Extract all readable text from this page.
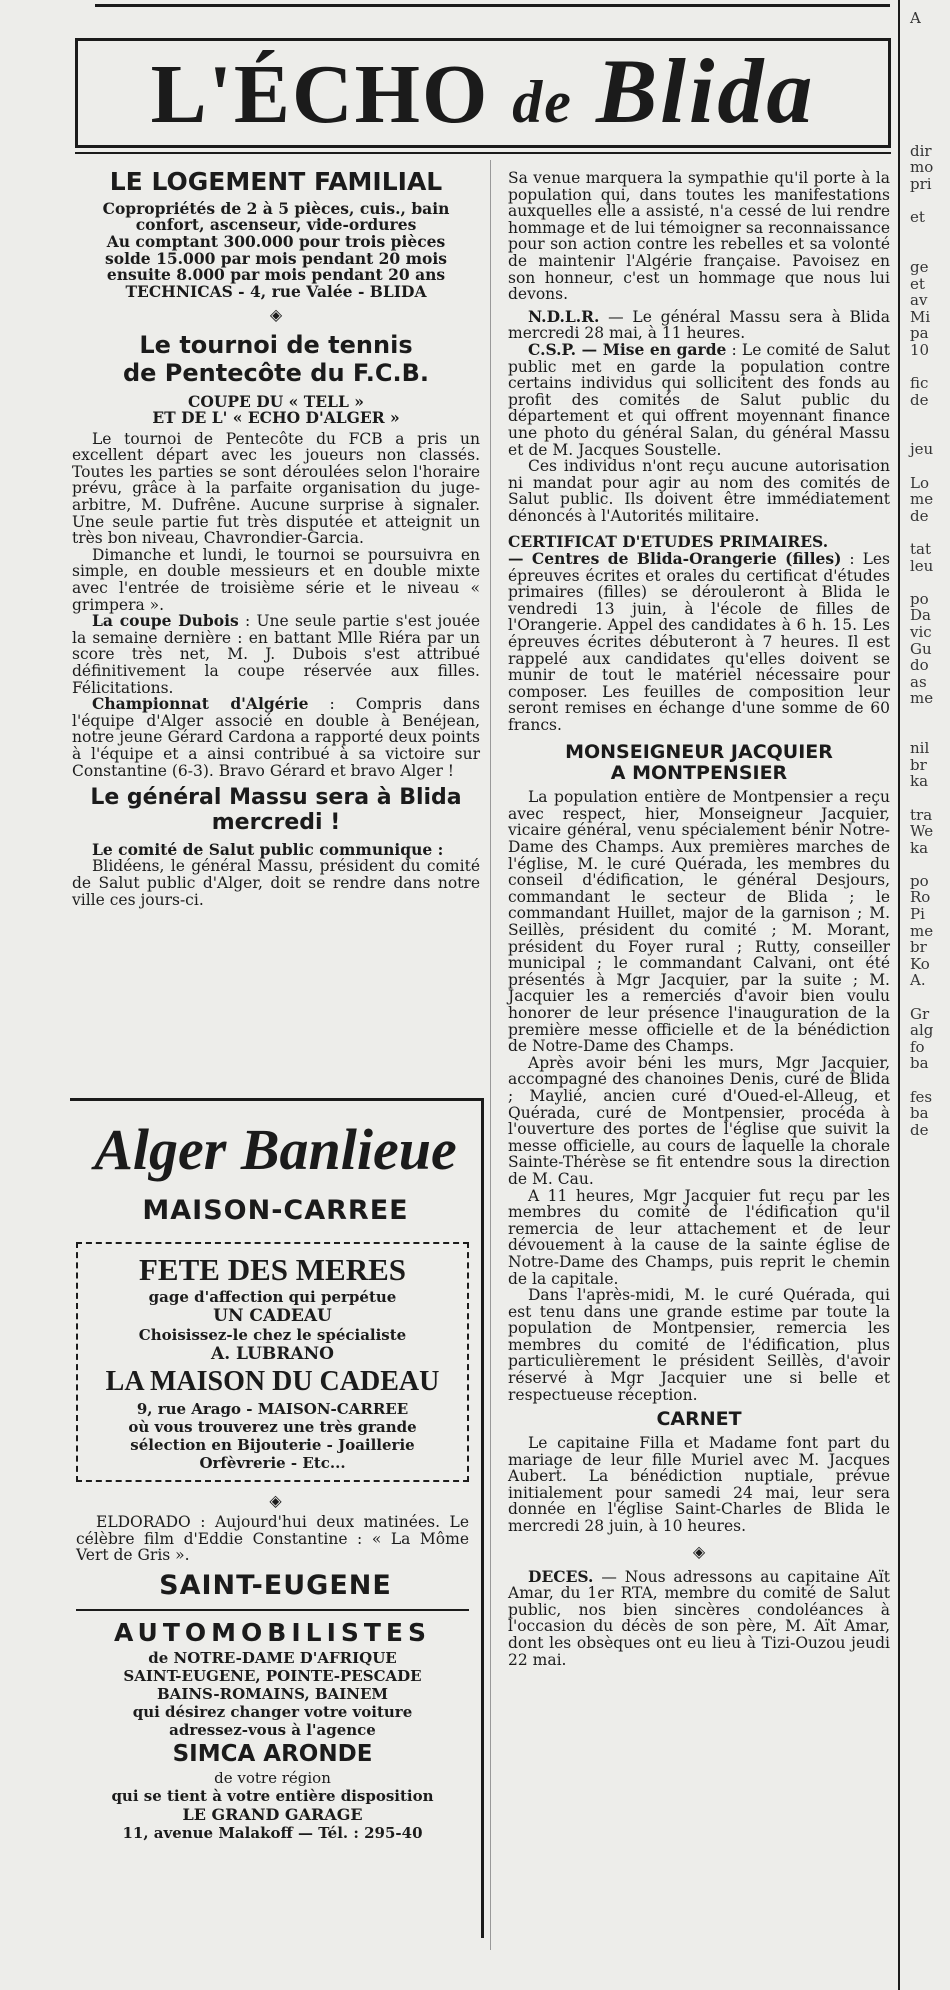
L'ÉCHO de Blida
LE LOGEMENT FAMILIAL
Copropriétés de 2 à 5 pièces, cuis., bain
confort, ascenseur, vide-ordures
Au comptant 300.000 pour trois pièces
solde 15.000 par mois pendant 20 mois
ensuite 8.000 par mois pendant 20 ans
TECHNICAS - 4, rue Valée - BLIDA
◈
Le tournoi de tennis
de Pentecôte du F.C.B.
COUPE DU « TELL »
ET DE L' « ECHO D'ALGER »

Le tournoi de Pentecôte du FCB a pris un excellent départ avec les joueurs non classés. Toutes les parties se sont déroulées selon l'horaire prévu, grâce à la parfaite organisation du juge-arbitre, M. Dufrêne. Aucune surprise à signaler. Une seule partie fut très disputée et atteignit un très bon niveau, Chavrondier-Garcia.

Dimanche et lundi, le tournoi se poursuivra en simple, en double messieurs et en double mixte avec l'entrée de troisième série et le niveau « grimpera ».

La coupe Dubois : Une seule partie s'est jouée la semaine dernière : en battant Mlle Riéra par un score très net, M. J. Dubois s'est attribué définitivement la coupe réservée aux filles. Félicitations.

Championnat d'Algérie : Compris dans l'équipe d'Alger associé en double à Benéjean, notre jeune Gérard Cardona a rapporté deux points à l'équipe et a ainsi contribué à sa victoire sur Constantine (6-3). Bravo Gérard et bravo Alger !

Le général Massu sera à Blida
mercredi !

Le comité de Salut public communique :

Blidéens, le général Massu, président du comité de Salut public d'Alger, doit se rendre dans notre ville ces jours-ci.

Alger Banlieue
MAISON-CARREE
FETE DES MERES
gage d'affection qui perpétue
UN CADEAU
Choisissez-le chez le spécialiste
A. LUBRANO
LA MAISON DU CADEAU
9, rue Arago - MAISON-CARREE
où vous trouverez une très grande
sélection en Bijouterie - Joaillerie
Orfèvrerie - Etc...
◈

ELDORADO : Aujourd'hui deux matinées. Le célèbre film d'Eddie Constantine : « La Môme Vert de Gris ».

SAINT-EUGENE
AUTOMOBILISTES
de NOTRE-DAME D'AFRIQUE
SAINT-EUGENE, POINTE-PESCADE
BAINS-ROMAINS, BAINEM
qui désirez changer votre voiture
adressez-vous à l'agence
SIMCA ARONDE
de votre région
qui se tient à votre entière disposition
LE GRAND GARAGE
11, avenue Malakoff — Tél. : 295-40

Sa venue marquera la sympathie qu'il porte à la population qui, dans toutes les manifestations auxquelles elle a assisté, n'a cessé de lui rendre hommage et de lui témoigner sa reconnaissance pour son action contre les rebelles et sa volonté de maintenir l'Algérie française. Pavoisez en son honneur, c'est un hommage que nous lui devons.

N.D.L.R. — Le général Massu sera à Blida mercredi 28 mai, à 11 heures.

C.S.P. — Mise en garde : Le comité de Salut public met en garde la population contre certains individus qui sollicitent des fonds au profit des comités de Salut public du département et qui offrent moyennant finance une photo du général Salan, du général Massu et de M. Jacques Soustelle.

Ces individus n'ont reçu aucune autorisation ni mandat pour agir au nom des comités de Salut public. Ils doivent être immédiatement dénoncés à l'Autorités militaire.

CERTIFICAT D'ETUDES PRIMAIRES.

— Centres de Blida-Orangerie (filles) : Les épreuves écrites et orales du certificat d'études primaires (filles) se dérouleront à Blida le vendredi 13 juin, à l'école de filles de l'Orangerie. Appel des candidates à 6 h. 15. Les épreuves écrites débuteront à 7 heures. Il est rappelé aux candidates qu'elles doivent se munir de tout le matériel nécessaire pour composer. Les feuilles de composition leur seront remises en échange d'une somme de 60 francs.

MONSEIGNEUR JACQUIER
A MONTPENSIER

La population entière de Montpensier a reçu avec respect, hier, Monseigneur Jacquier, vicaire général, venu spécialement bénir Notre-Dame des Champs. Aux premières marches de l'église, M. le curé Quérada, les membres du conseil d'édification, le général Desjours, commandant le secteur de Blida ; le commandant Huillet, major de la garnison ; M. Seillès, président du comité ; M. Morant, président du Foyer rural ; Rutty, conseiller municipal ; le commandant Calvani, ont été présentés à Mgr Jacquier, par la suite ; M. Jacquier les a remerciés d'avoir bien voulu honorer de leur présence l'inauguration de la première messe officielle et de la bénédiction de Notre-Dame des Champs.

Après avoir béni les murs, Mgr Jacquier, accompagné des chanoines Denis, curé de Blida ; Maylié, ancien curé d'Oued-el-Alleug, et Quérada, curé de Montpensier, procéda à l'ouverture des portes de l'église que suivit la messe officielle, au cours de laquelle la chorale Sainte-Thérèse se fit entendre sous la direction de M. Cau.

A 11 heures, Mgr Jacquier fut reçu par les membres du comité de l'édification qu'il remercia de leur attachement et de leur dévouement à la cause de la sainte église de Notre-Dame des Champs, puis reprit le chemin de la capitale.

Dans l'après-midi, M. le curé Quérada, qui est tenu dans une grande estime par toute la population de Montpensier, remercia les membres du comité de l'édification, plus particulièrement le président Seillès, d'avoir réservé à Mgr Jacquier une si belle et respectueuse réception.

CARNET

Le capitaine Filla et Madame font part du mariage de leur fille Muriel avec M. Jacques Aubert. La bénédiction nuptiale, prévue initialement pour samedi 24 mai, leur sera donnée en l'église Saint-Charles de Blida le mercredi 28 juin, à 10 heures.

◈

DECES. — Nous adressons au capitaine Aït Amar, du 1er RTA, membre du comité de Salut public, nos bien sincères condoléances à l'occasion du décès de son père, M. Aït Amar, dont les obsèques ont eu lieu à Tizi-Ouzou jeudi 22 mai.

A

dir
mo
pri

et

ge
et
av
Mi
pa
10

fic
de

jeu

Lo
me
de

tat
leu

po
Da
vic
Gu
do
as
me

nil
br
ka

tra
We
ka

po
Ro
Pi
me
br
Ko
A.

Gr
alg
fo
ba

fes
ba
de
